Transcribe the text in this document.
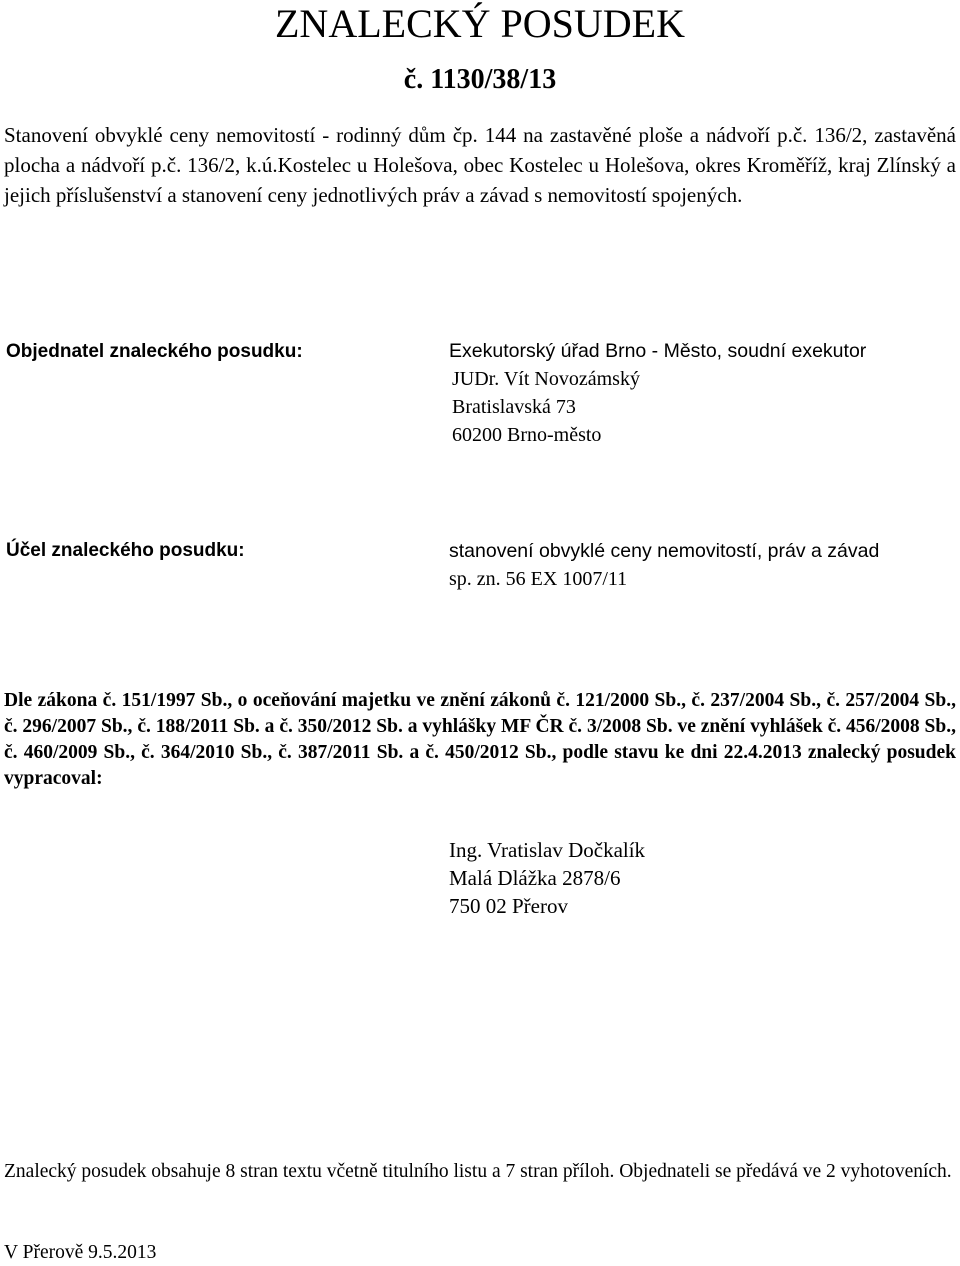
ZNALECKÝ POSUDEK
č. 1130/38/13
Stanovení obvyklé ceny nemovitostí - rodinný dům čp. 144 na zastavěné ploše a nádvoří p.č. 136/2, zastavěná plocha a nádvoří p.č. 136/2, k.ú.Kostelec u Holešova, obec Kostelec u Holešova, okres Kroměříž, kraj Zlínský a jejich příslušenství a stanovení ceny jednotlivých práv a závad s nemovitostí spojených.
Objednatel znaleckého posudku:	Exekutorský úřad Brno - Město, soudní exekutor
JUDr. Vít Novozámský
Bratislavská 73
60200 Brno-město
Účel znaleckého posudku:	stanovení obvyklé ceny nemovitostí, práv a závad
sp. zn. 56 EX 1007/11
Dle zákona č. 151/1997 Sb., o oceňování majetku ve znění zákonů č. 121/2000 Sb., č. 237/2004 Sb., č. 257/2004 Sb., č. 296/2007 Sb., č. 188/2011 Sb. a č. 350/2012 Sb. a vyhlášky MF ČR č. 3/2008 Sb. ve znění vyhlášek č. 456/2008 Sb., č. 460/2009 Sb., č. 364/2010 Sb., č. 387/2011 Sb. a č. 450/2012 Sb., podle stavu ke dni 22.4.2013 znalecký posudek vypracoval:
Ing. Vratislav Dočkalík
Malá Dlážka 2878/6
750 02 Přerov
Znalecký posudek obsahuje 8 stran textu včetně titulního listu a 7 stran příloh. Objednateli se předává ve 2 vyhotoveních.
V Přerově 9.5.2013
